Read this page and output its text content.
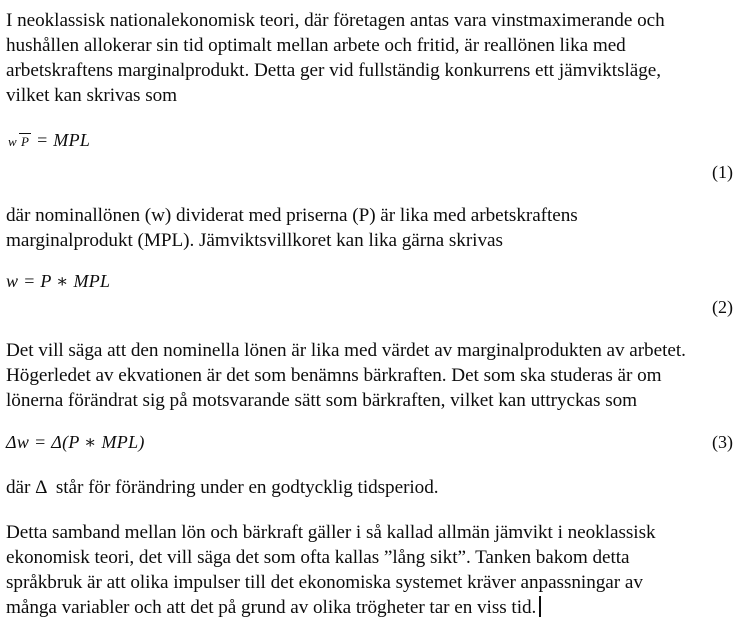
I neoklassisk nationalekonomisk teori, där företagen antas vara vinstmaximerande och
hushållen allokerar sin tid optimalt mellan arbete och fritid, är reallönen lika med
arbetskraftens marginalprodukt. Detta ger vid fullständig konkurrens ett jämviktsläge,
vilket kan skrivas som
w P = MPL
(1)
där nominallönen (w) dividerat med priserna (P) är lika med arbetskraftens
marginalprodukt (MPL). Jämviktsvillkoret kan lika gärna skrivas
w = P ∗ MPL
(2)
Det vill säga att den nominella lönen är lika med värdet av marginalprodukten av arbetet.
Högerledet av ekvationen är det som benämns bärkraften. Det som ska studeras är om
lönerna förändrat sig på motsvarande sätt som bärkraften, vilket kan uttryckas som
Δw = Δ(P ∗ MPL)	(3)
där Δ  står för förändring under en godtycklig tidsperiod.
Detta samband mellan lön och bärkraft gäller i så kallad allmän jämvikt i neoklassisk
ekonomisk teori, det vill säga det som ofta kallas ”lång sikt”. Tanken bakom detta
språkbruk är att olika impulser till det ekonomiska systemet kräver anpassningar av
många variabler och att det på grund av olika trögheter tar en viss tid.
